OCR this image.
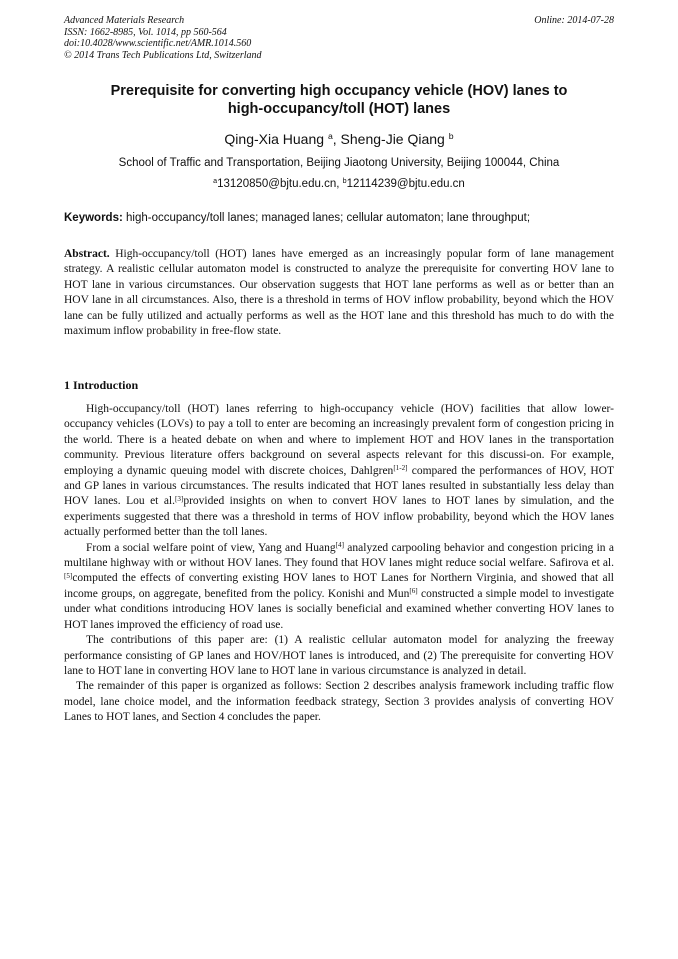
Advanced Materials Research
ISSN: 1662-8985, Vol. 1014, pp 560-564
doi:10.4028/www.scientific.net/AMR.1014.560
© 2014 Trans Tech Publications Ltd, Switzerland
Online: 2014-07-28
Prerequisite for converting high occupancy vehicle (HOV) lanes to
high-occupancy/toll (HOT) lanes
Qing-Xia Huang $^a$, Sheng-Jie Qiang $^b$
School of Traffic and Transportation, Beijing Jiaotong University, Beijing 100044, China
$^a$13120850@bjtu.edu.cn, $^b$12114239@bjtu.edu.cn
Keywords: high-occupancy/toll lanes; managed lanes; cellular automaton; lane throughput;
Abstract. High-occupancy/toll (HOT) lanes have emerged as an increasingly popular form of lane management strategy. A realistic cellular automaton model is constructed to analyze the prerequisite for converting HOV lane to HOT lane in various circumstances. Our observation suggests that HOT lane performs as well as or better than an HOV lane in all circumstances. Also, there is a threshold in terms of HOV inflow probability, beyond which the HOV lane can be fully utilized and actually performs as well as the HOT lane and this threshold has much to do with the maximum inflow probability in free-flow state.
1 Introduction

High-occupancy/toll (HOT) lanes referring to high-occupancy vehicle (HOV) facilities that allow lower- occupancy vehicles (LOVs) to pay a toll to enter are becoming an increasingly prevalent form of congestion pricing in the world. There is a heated debate on when and where to implement HOT and HOV lanes in the transportation community. Previous literature offers background on several aspects relevant for this discussi-on. For example, employing a dynamic queuing model with discrete choices, Dahlgren[1-2] compared the performances of HOV, HOT and GP lanes in various circumstances. The results indicated that HOT lanes resulted in substantially less delay than HOV lanes. Lou et al.[3]provided insights on when to convert HOV lanes to HOT lanes by simulation, and the experiments suggested that there was a threshold in terms of HOV inflow probability, beyond which the HOV lanes actually performed better than the toll lanes.

From a social welfare point of view, Yang and Huang[4] analyzed carpooling behavior and congestion pricing in a multilane highway with or without HOV lanes. They found that HOV lanes might reduce social welfare. Safirova et al.[5]computed the effects of converting existing HOV lanes to HOT Lanes for Northern Virginia, and showed that all income groups, on aggregate, benefited from the policy. Konishi and Mun[6] constructed a simple model to investigate under what conditions introducing HOV lanes is socially beneficial and examined whether converting HOV lanes to HOT lanes improved the efficiency of road use.

The contributions of this paper are: (1) A realistic cellular automaton model for analyzing the freeway performance consisting of GP lanes and HOV/HOT lanes is introduced, and (2) The prerequisite for converting HOV lane to HOT lane in converting HOV lane to HOT lane in various circumstance is analyzed in detail.

The remainder of this paper is organized as follows: Section 2 describes analysis framework including traffic flow model, lane choice model, and the information feedback strategy, Section 3 provides analysis of converting HOV Lanes to HOT lanes, and Section 4 concludes the paper.
